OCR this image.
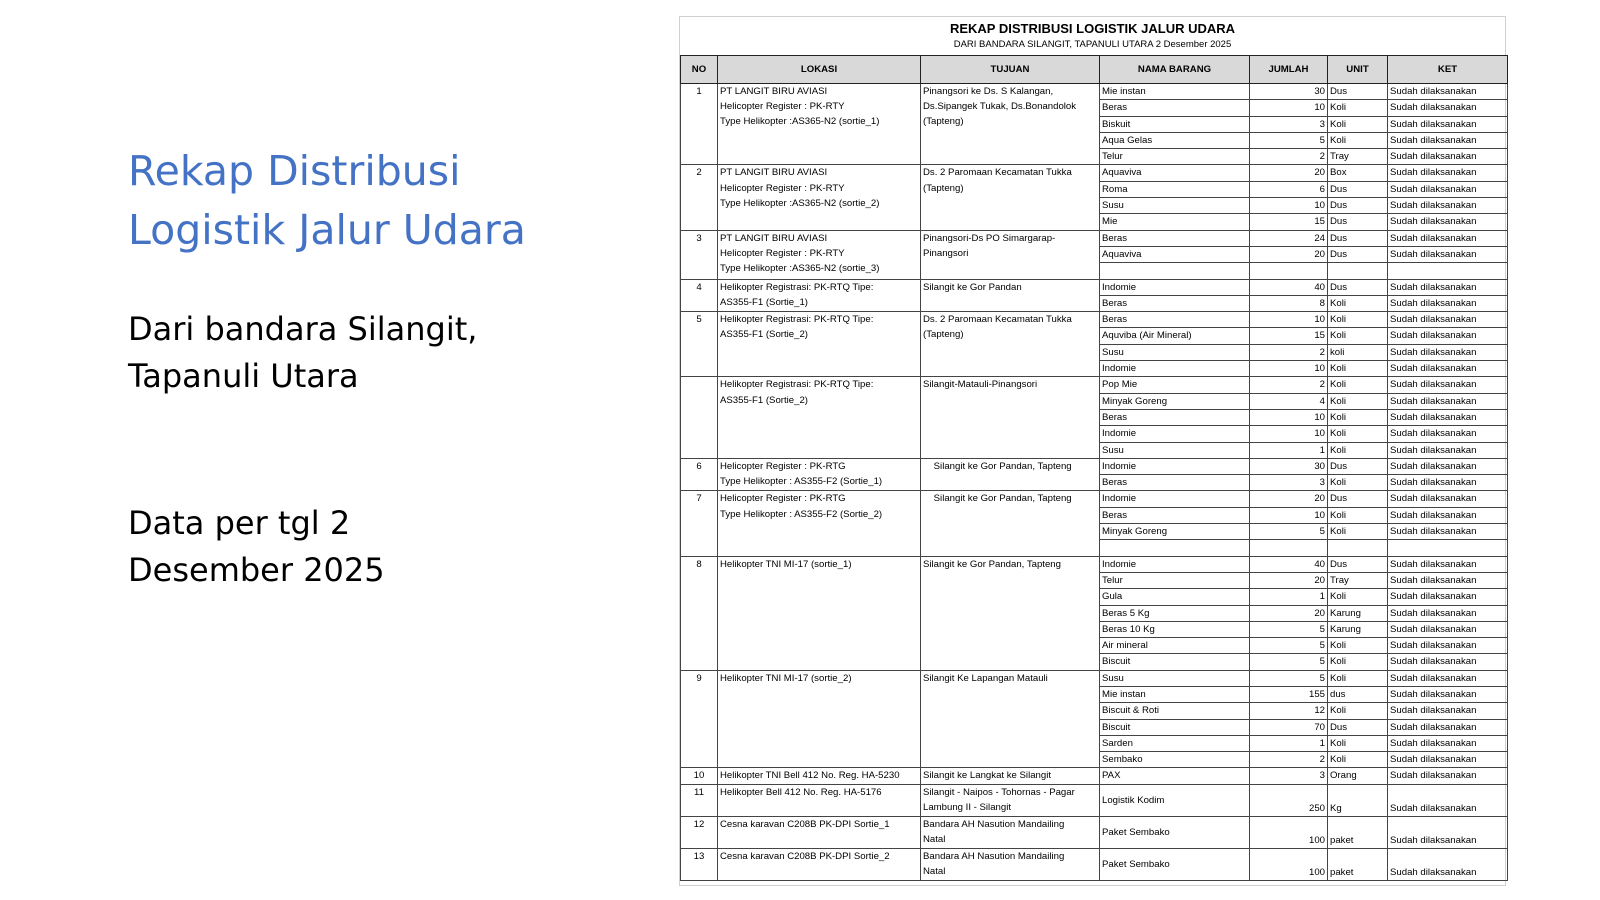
Rekap Distribusi
Logistik Jalur Udara
Dari bandara Silangit,
Tapanuli Utara
Data per tgl 2
Desember 2025
REKAP DISTRIBUSI LOGISTIK JALUR UDARA
DARI BANDARA SILANGIT, TAPANULI UTARA 2 Desember 2025
NO	LOKASI	TUJUAN	NAMA BARANG	JUMLAH	UNIT	KET
1	PT LANGIT BIRU AVIASI
Helicopter Register : PK-RTY
Type Helikopter :AS365-N2 (sortie_1)	Pinangsori ke Ds. S Kalangan,
Ds.Sipangek Tukak, Ds.Bonandolok
(Tapteng)	Mie instan	30	Dus	Sudah dilaksanakan
			Beras	10	Koli	Sudah dilaksanakan
			Biskuit	3	Koli	Sudah dilaksanakan
			Aqua Gelas	5	Koli	Sudah dilaksanakan
			Telur	2	Tray	Sudah dilaksanakan
2	PT LANGIT BIRU AVIASI
Helicopter Register : PK-RTY
Type Helikopter :AS365-N2 (sortie_2)	Ds. 2 Paromaan Kecamatan Tukka
(Tapteng)	Aquaviva	20	Box	Sudah dilaksanakan
			Roma	6	Dus	Sudah dilaksanakan
			Susu	10	Dus	Sudah dilaksanakan
			Mie	15	Dus	Sudah dilaksanakan
3	PT LANGIT BIRU AVIASI
Helicopter Register : PK-RTY
Type Helikopter :AS365-N2 (sortie_3)	Pinangsori-Ds PO Simargarap-
Pinangsori	Beras	24	Dus	Sudah dilaksanakan
			Aquaviva	20	Dus	Sudah dilaksanakan

4	Helikopter Registrasi: PK-RTQ Tipe:
AS355-F1 (Sortie_1)	Silangit ke Gor Pandan	Indomie	40	Dus	Sudah dilaksanakan
			Beras	8	Koli	Sudah dilaksanakan
5	Helikopter Registrasi: PK-RTQ Tipe:
AS355-F1 (Sortie_2)	Ds. 2 Paromaan Kecamatan Tukka
(Tapteng)	Beras	10	Koli	Sudah dilaksanakan
			Aquviba (Air Mineral)	15	Koli	Sudah dilaksanakan
			Susu	2	koli	Sudah dilaksanakan
			Indomie	10	Koli	Sudah dilaksanakan

	Helikopter Registrasi: PK-RTQ Tipe:
AS355-F1 (Sortie_2)	Silangit-Matauli-Pinangsori	Pop Mie	2	Koli	Sudah dilaksanakan
			Minyak Goreng	4	Koli	Sudah dilaksanakan
			Beras	10	Koli	Sudah dilaksanakan
			Indomie	10	Koli	Sudah dilaksanakan
			Susu	1	Koli	Sudah dilaksanakan
6	Helicopter Register : PK-RTG
Type Helikopter : AS355-F2 (Sortie_1)	Silangit ke Gor Pandan, Tapteng	Indomie	30	Dus	Sudah dilaksanakan
			Beras	3	Koli	Sudah dilaksanakan
7	Helicopter Register : PK-RTG
Type Helikopter : AS355-F2 (Sortie_2)	Silangit ke Gor Pandan, Tapteng	Indomie	20	Dus	Sudah dilaksanakan
			Beras	10	Koli	Sudah dilaksanakan
			Minyak Goreng	5	Koli	Sudah dilaksanakan

8	Helikopter TNI MI-17 (sortie_1)	Silangit ke Gor Pandan, Tapteng	Indomie	40	Dus	Sudah dilaksanakan
			Telur	20	Tray	Sudah dilaksanakan
			Gula	1	Koli	Sudah dilaksanakan
			Beras 5 Kg	20	Karung	Sudah dilaksanakan
			Beras 10 Kg	5	Karung	Sudah dilaksanakan
			Air mineral	5	Koli	Sudah dilaksanakan
			Biscuit	5	Koli	Sudah dilaksanakan
9	Helikopter TNI MI-17 (sortie_2)	Silangit Ke Lapangan Matauli	Susu	5	Koli	Sudah dilaksanakan
			Mie instan	155	dus	Sudah dilaksanakan
			Biscuit & Roti	12	Koli	Sudah dilaksanakan
			Biscuit	70	Dus	Sudah dilaksanakan
			Sarden	1	Koli	Sudah dilaksanakan
			Sembako	2	Koli	Sudah dilaksanakan
10	Helikopter TNI Bell 412 No. Reg. HA-5230	Silangit ke Langkat ke Silangit	PAX	3	Orang	Sudah dilaksanakan
11	Helikopter Bell 412 No. Reg. HA-5176	Silangit - Naipos - Tohornas - Pagar
Lambung II - Silangit	Logistik Kodim	250	Kg	Sudah dilaksanakan
12	Cesna karavan C208B PK-DPI Sortie_1	Bandara AH Nasution Mandailing
Natal	Paket Sembako	100	paket	Sudah dilaksanakan
13	Cesna karavan C208B PK-DPI Sortie_2	Bandara AH Nasution Mandailing
Natal	Paket Sembako	100	paket	Sudah dilaksanakan
